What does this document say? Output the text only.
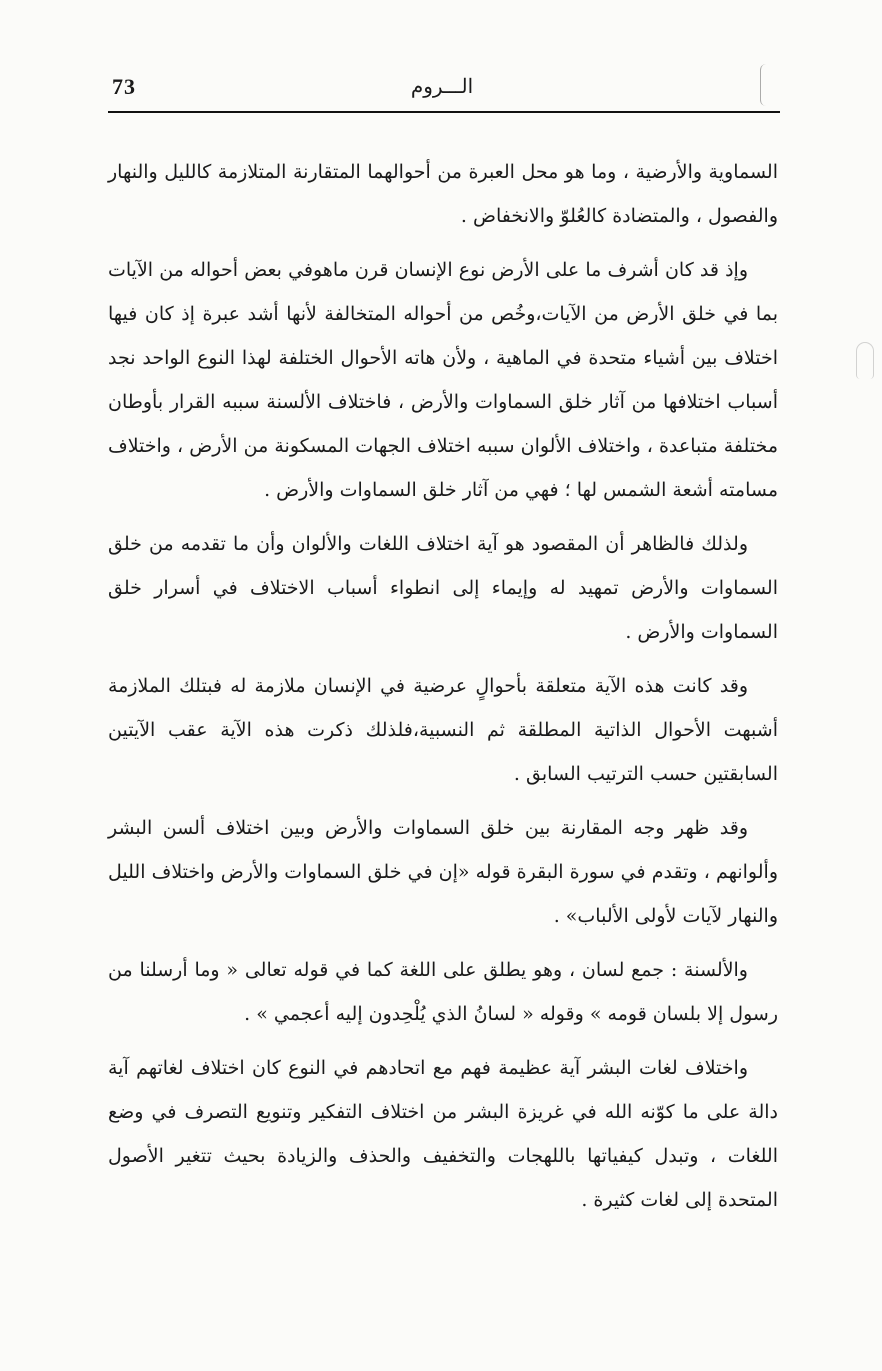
73	الـــروم

السماوية والأرضية ، وما هو محل العبرة من أحوالهما المتقارنة المتلازمة كالليل والنهار والفصول ، والمتضادة كالعُلوّ والانخفاض .

وإذ قد كان أشرف ما على الأرض نوع الإنسان قرن ماهوفي بعض أحواله من الآيات بما في خلق الأرض من الآيات،وخُص من أحواله المتخالفة لأنها أشد عبرة إذ كان فيها اختلاف بين أشياء متحدة في الماهية ، ولأن هاته الأحوال الختلفة لهذا النوع الواحد نجد أسباب اختلافها من آثار خلق السماوات والأرض ، فاختلاف الألسنة سببه القرار بأوطان مختلفة متباعدة ، واختلاف الألوان سببه اختلاف الجهات المسكونة من الأرض ، واختلاف مسامته أشعة الشمس لها ؛ فهي من آثار خلق السماوات والأرض .

ولذلك فالظاهر أن المقصود هو آية اختلاف اللغات والألوان وأن ما تقدمه من خلق السماوات والأرض تمهيد له وإيماء إلى انطواء أسباب الاختلاف في أسرار خلق السماوات والأرض .

وقد كانت هذه الآية متعلقة بأحوالٍ عرضية في الإنسان ملازمة له فبتلك الملازمة أشبهت الأحوال الذاتية المطلقة ثم النسبية،فلذلك ذكرت هذه الآية عقب الآيتين السابقتين حسب الترتيب السابق .

وقد ظهر وجه المقارنة بين خلق السماوات والأرض وبين اختلاف ألسن البشر وألوانهم ، وتقدم في سورة البقرة قوله «إن في خلق السماوات والأرض واختلاف الليل والنهار لآيات لأولى الألباب» .

والألسنة : جمع لسان ، وهو يطلق على اللغة كما في قوله تعالى « وما أرسلنا من رسول إلا بلسان قومه » وقوله « لسانُ الذي يُلْحِدون إليه أعجمي » .

واختلاف لغات البشر آية عظيمة فهم مع اتحادهم في النوع كان اختلاف لغاتهم آية دالة على ما كوّنه الله في غريزة البشر من اختلاف التفكير وتنويع التصرف في وضع اللغات ، وتبدل كيفياتها باللهجات والتخفيف والحذف والزيادة بحيث تتغير الأصول المتحدة إلى لغات كثيرة .
